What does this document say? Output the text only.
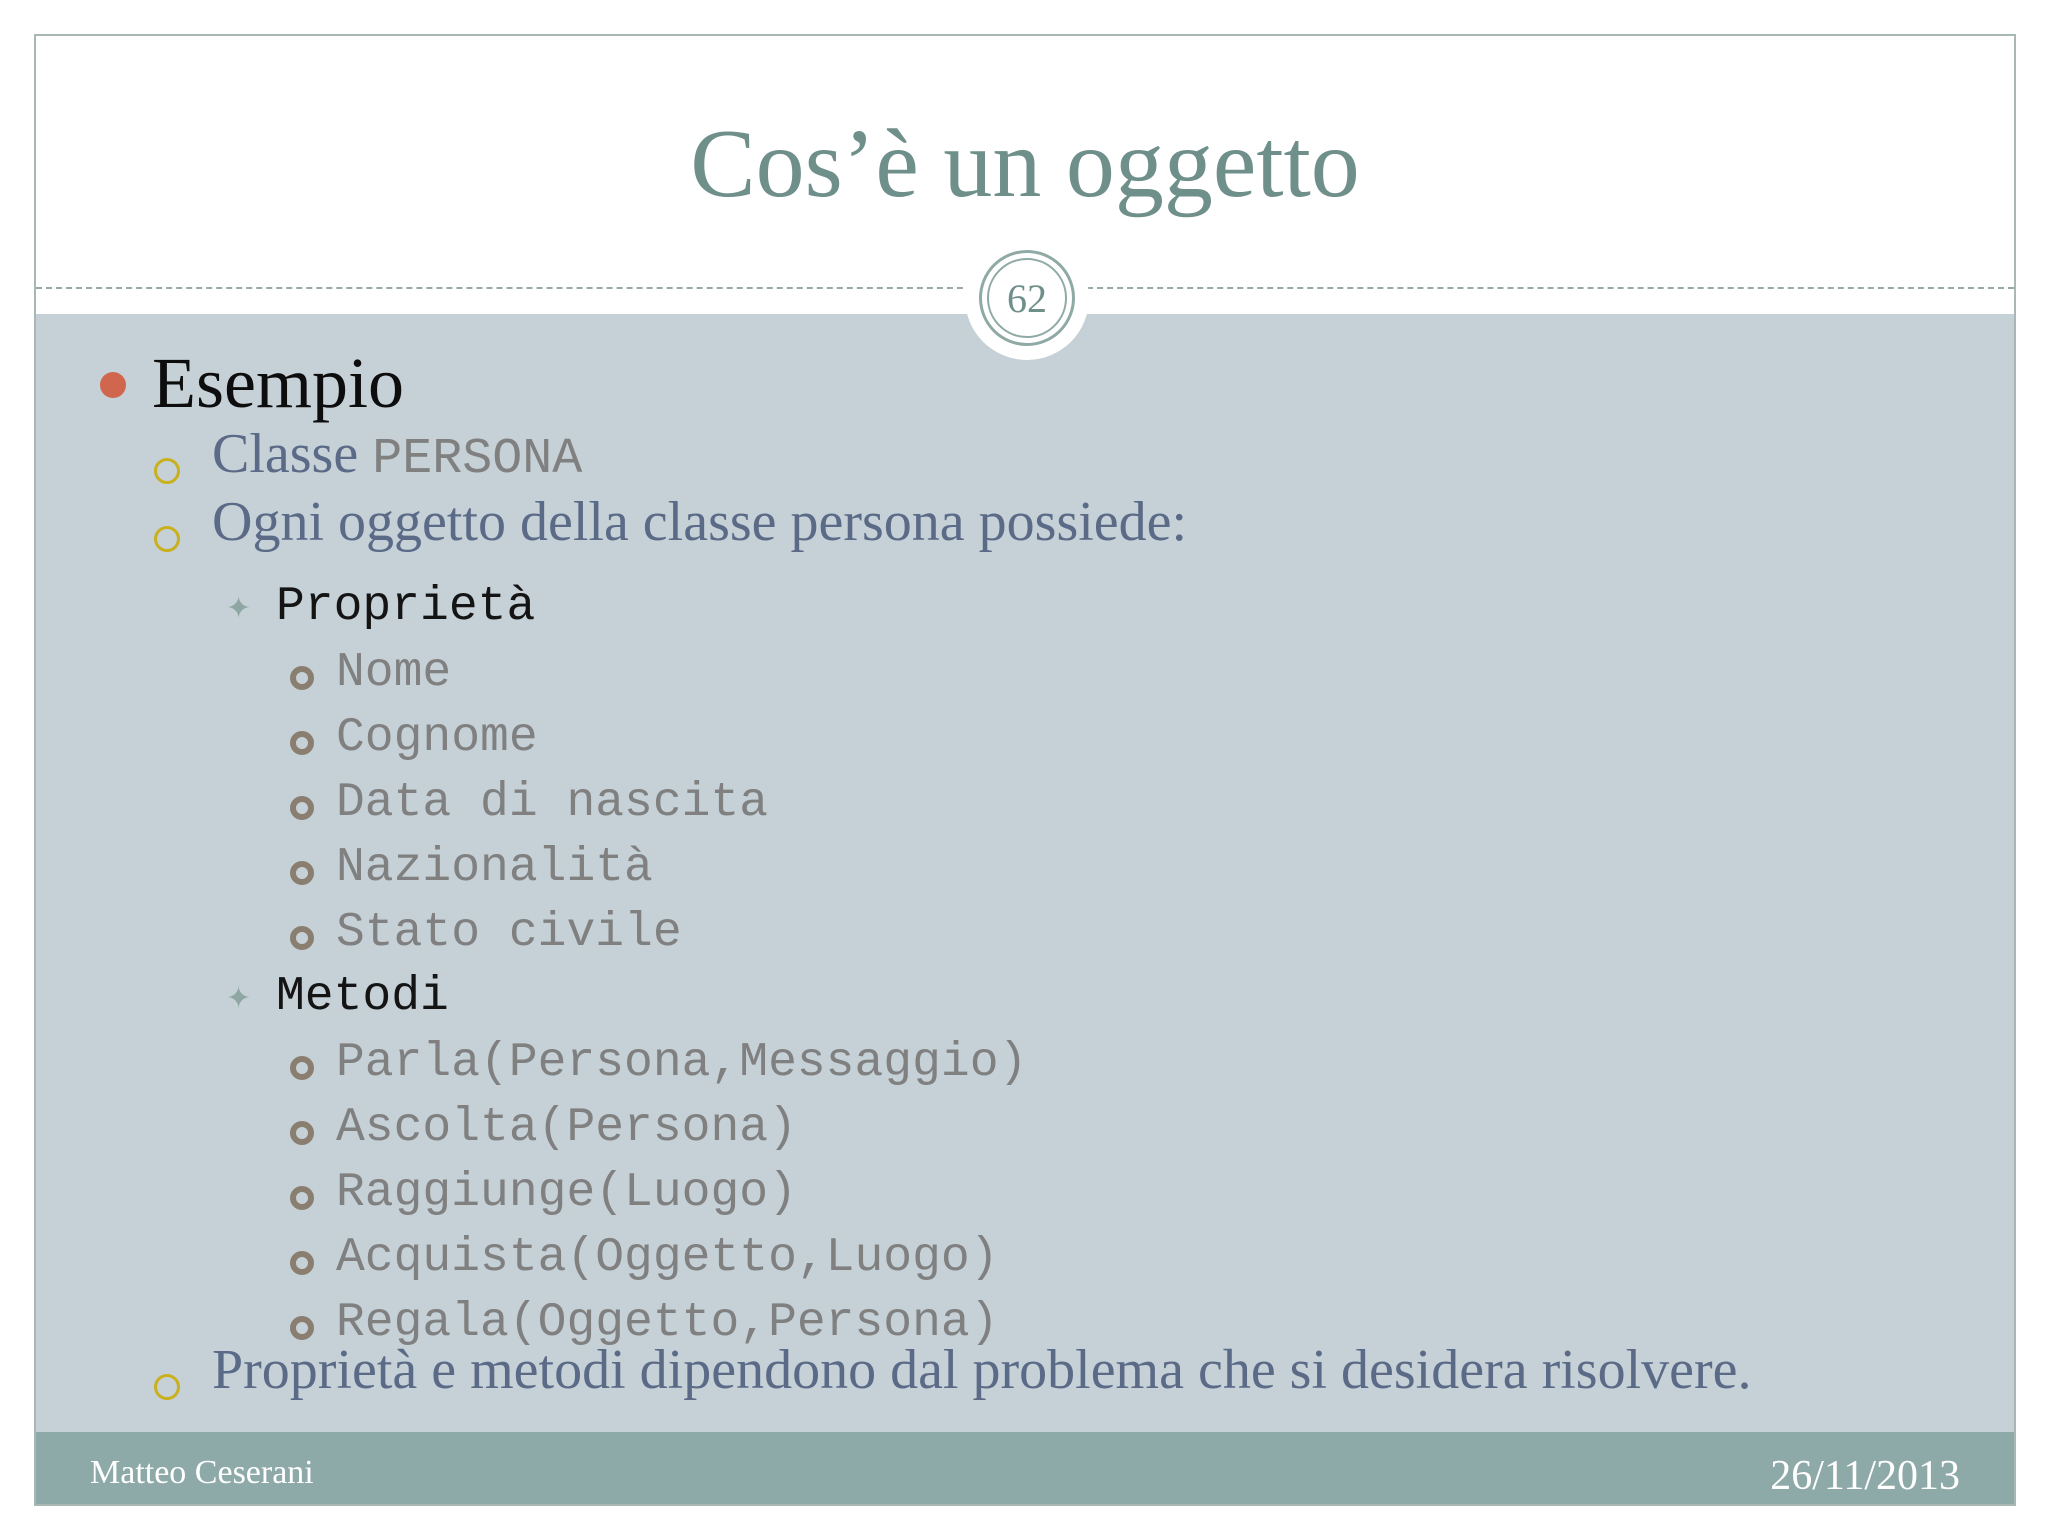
Cos’è un oggetto
62
Esempio
Classe PERSONA
Ogni oggetto della classe persona possiede:
✦ Proprietà
Nome
Cognome
Data di nascita
Nazionalità
Stato civile
✦ Metodi
Parla(Persona,Messaggio)
Ascolta(Persona)
Raggiunge(Luogo)
Acquista(Oggetto,Luogo)
Regala(Oggetto,Persona)
Proprietà e metodi dipendono dal problema che si desidera risolvere.
Matteo Ceserani	26/11/2013
